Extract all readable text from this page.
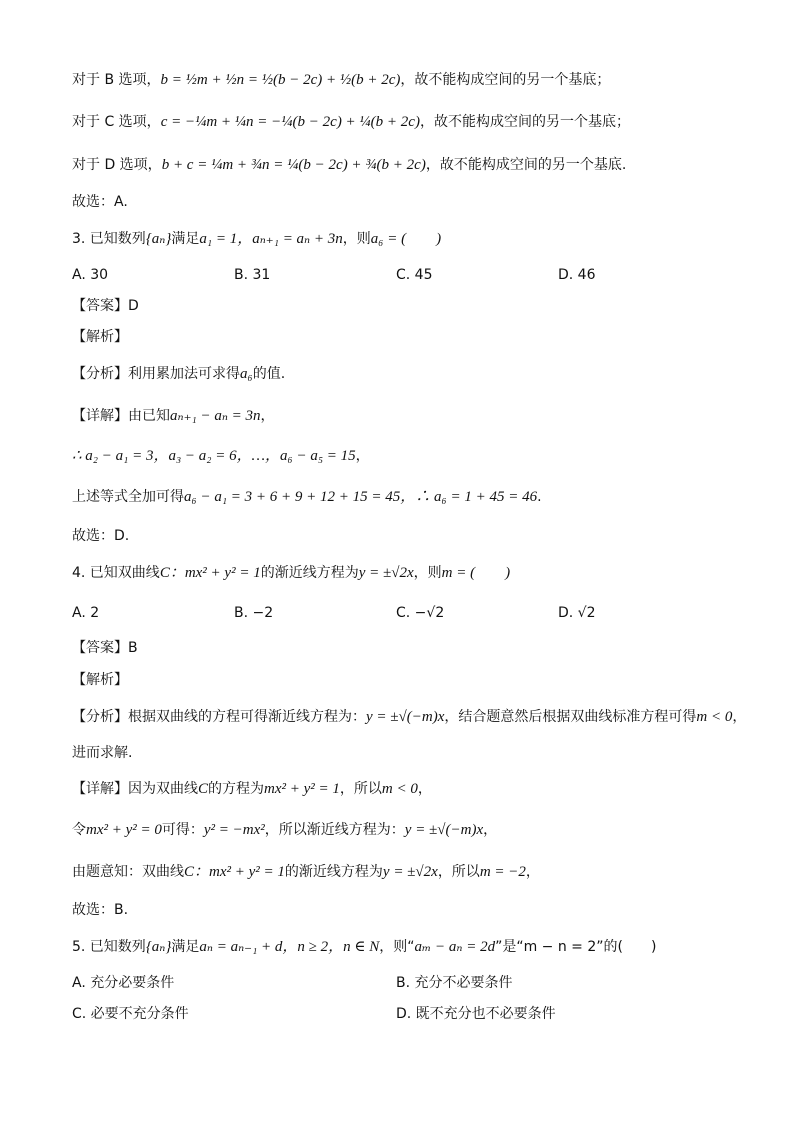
对于 B 选项，b = ½m + ½n = ½(b − 2c) + ½(b + 2c)，故不能构成空间的另一个基底；
对于 C 选项，c = −¼m + ¼n = −¼(b − 2c) + ¼(b + 2c)，故不能构成空间的另一个基底；
对于 D 选项，b + c = ¼m + ¾n = ¼(b − 2c) + ¾(b + 2c)，故不能构成空间的另一个基底.
故选：A.
3. 已知数列{aₙ}满足a₁ = 1，aₙ₊₁ = aₙ + 3n，则a₆ = (　　)
A. 30	B. 31	C. 45	D. 46
【答案】D
【解析】
【分析】利用累加法可求得a₆的值.
【详解】由已知aₙ₊₁ − aₙ = 3n，
∴ a₂ − a₁ = 3，a₃ − a₂ = 6，…，a₆ − a₅ = 15，
上述等式全加可得a₆ − a₁ = 3 + 6 + 9 + 12 + 15 = 45，∴ a₆ = 1 + 45 = 46.
故选：D.
4. 已知双曲线C：mx² + y² = 1的渐近线方程为y = ±√2x，则m = (　　)
A. 2	B. −2	C. −√2	D. √2
【答案】B
【解析】
【分析】根据双曲线的方程可得渐近线方程为：y = ±√(−m)x，结合题意然后根据双曲线标准方程可得m < 0，
进而求解.
【详解】因为双曲线C的方程为mx² + y² = 1，所以m < 0，
令mx² + y² = 0可得：y² = −mx²，所以渐近线方程为：y = ±√(−m)x，
由题意知：双曲线C：mx² + y² = 1的渐近线方程为y = ±√2x，所以m = −2，
故选：B.
5. 已知数列{aₙ}满足aₙ = aₙ₋₁ + d，n ≥ 2，n ∈ N，则“aₘ − aₙ = 2d”是“m − n = 2”的(　　)
A. 充分必要条件	B. 充分不必要条件
C. 必要不充分条件	D. 既不充分也不必要条件
